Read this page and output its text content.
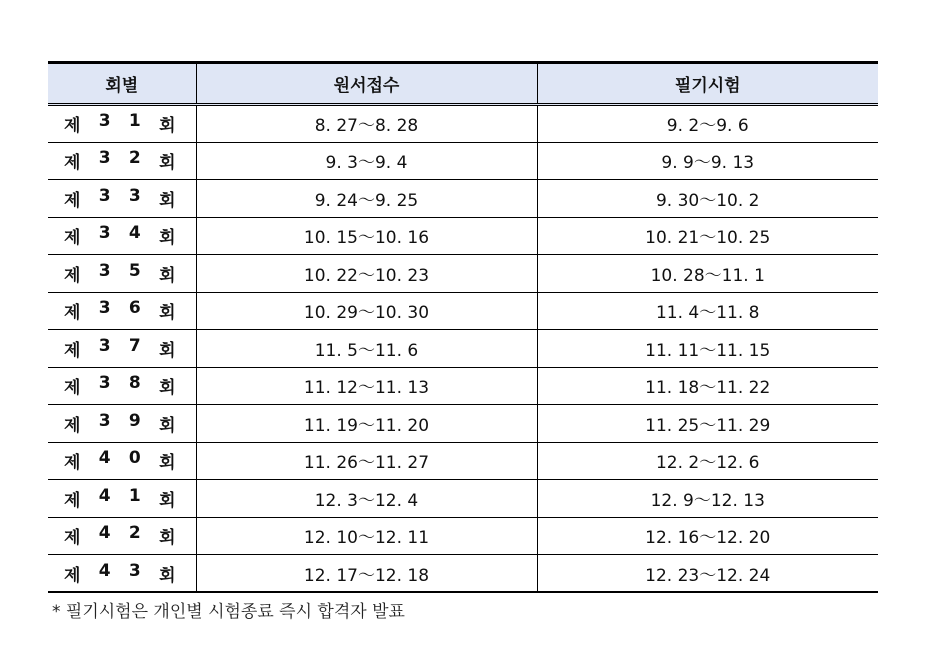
회별	원서접수	필기시험

제 3 1 회	8. 27～8. 28	9. 2～9. 6

제 3 2 회	9. 3～9. 4	9. 9～9. 13

제 3 3 회	9. 24～9. 25	9. 30～10. 2

제 3 4 회	10. 15～10. 16	10. 21～10. 25

제 3 5 회	10. 22～10. 23	10. 28～11. 1

제 3 6 회	10. 29～10. 30	11. 4～11. 8

제 3 7 회	11. 5～11. 6	11. 11～11. 15

제 3 8 회	11. 12～11. 13	11. 18～11. 22

제 3 9 회	11. 19～11. 20	11. 25～11. 29

제 4 0 회	11. 26～11. 27	12. 2～12. 6

제 4 1 회	12. 3～12. 4	12. 9～12. 13

제 4 2 회	12. 10～12. 11	12. 16～12. 20

제 4 3 회	12. 17～12. 18	12. 23～12. 24
* 필기시험은 개인별 시험종료 즉시 합격자 발표
